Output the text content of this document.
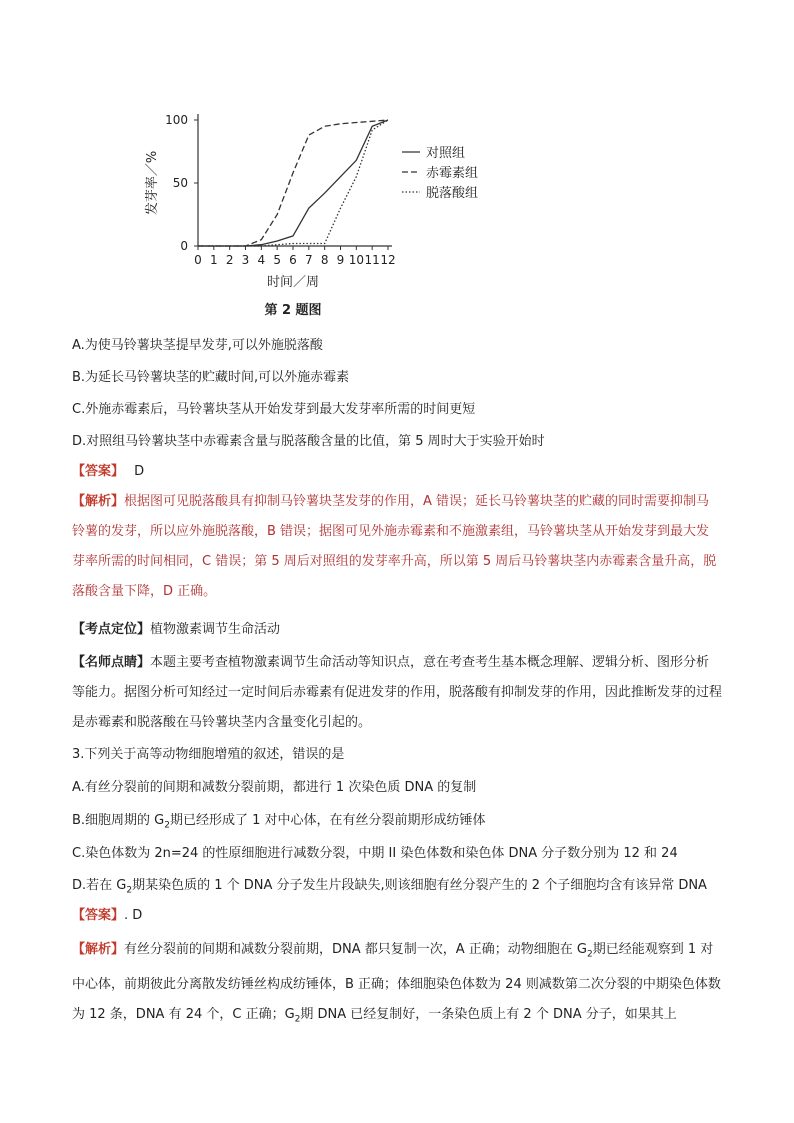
0 1 2 3 4 5 6 7 8 9 10 11 12
0
50
100
时间／周
发芽率／%
第 2 题图
对照组
赤霉素组
脱落酸组
A.为使马铃薯块茎提早发芽,可以外施脱落酸
B.为延长马铃薯块茎的贮藏时间,可以外施赤霉素
C.外施赤霉素后，马铃薯块茎从开始发芽到最大发芽率所需的时间更短
D.对照组马铃薯块茎中赤霉素含量与脱落酸含量的比值，第 5 周时大于实验开始时
【答案】 D
【解析】根据图可见脱落酸具有抑制马铃薯块茎发芽的作用，A 错误；延长马铃薯块茎的贮藏的同时需要抑制马铃薯的发芽，所以应外施脱落酸，B 错误；据图可见外施赤霉素和不施激素组，马铃薯块茎从开始发芽到最大发芽率所需的时间相同，C 错误；第 5 周后对照组的发芽率升高，所以第 5 周后马铃薯块茎内赤霉素含量升高，脱落酸含量下降，D 正确。
【考点定位】植物激素调节生命活动
【名师点睛】本题主要考查植物激素调节生命活动等知识点，意在考查考生基本概念理解、逻辑分析、图形分析等能力。据图分析可知经过一定时间后赤霉素有促进发芽的作用，脱落酸有抑制发芽的作用，因此推断发芽的过程是赤霉素和脱落酸在马铃薯块茎内含量变化引起的。
3.下列关于高等动物细胞增殖的叙述，错误的是
A.有丝分裂前的间期和减数分裂前期，都进行 1 次染色质 DNA 的复制
B.细胞周期的 $G_2$期已经形成了 1 对中心体，在有丝分裂前期形成纺锤体
C.染色体数为 2n=24 的性原细胞进行减数分裂，中期 II 染色体数和染色体 DNA 分子数分别为 12 和 24
D.若在 $G_2$期某染色质的 1 个 DNA 分子发生片段缺失,则该细胞有丝分裂产生的 2 个子细胞均含有该异常 DNA
【答案】. D
【解析】有丝分裂前的间期和减数分裂前期，DNA 都只复制一次，A 正确；动物细胞在 $G_2$期已经能观察到 1 对中心体，前期彼此分离散发纺锤丝构成纺锤体，B 正确；体细胞染色体数为 24 则减数第二次分裂的中期染色体数为 12 条，DNA 有 24 个，C 正确；$G_2$期 DNA 已经复制好，一条染色质上有 2 个 DNA 分子，如果其上
